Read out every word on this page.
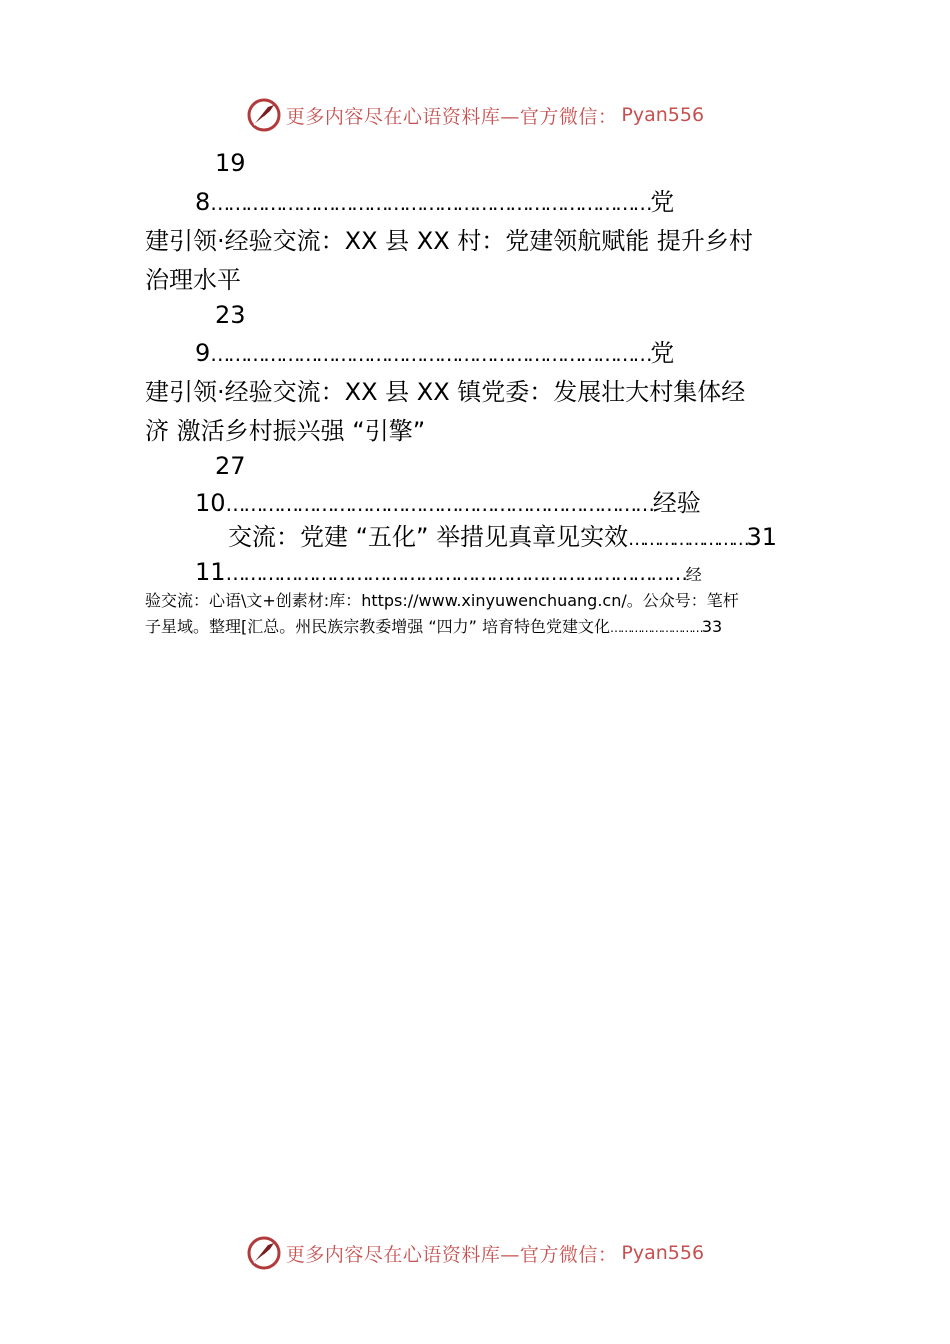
更多内容尽在心语资料库—官方微信： Pyan556
19
8…………………………………………………………………党
建引领·经验交流：XX 县 XX 村：党建领航赋能 提升乡村
治理水平
23
9…………………………………………………………………党
建引领·经验交流：XX 县 XX 镇党委：发展壮大村集体经
济 激活乡村振兴强 “引擎”
27
10………………………………………………………………经验
交流：党建 “五化” 举措见真章见实效……………………31
11……………………………………………………………………经
验交流：心语\文+创素材:库：https://www.xinyuwenchuang.cn/。公众号：笔杆
子星域。整理[汇总。州民族宗教委增强 “四力” 培育特色党建文化………………………33
更多内容尽在心语资料库—官方微信： Pyan556
